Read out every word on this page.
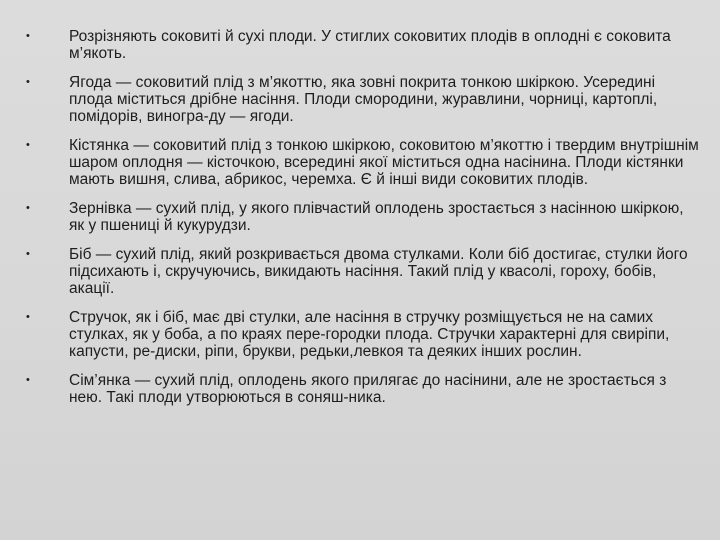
•	Розрізняють соковиті й сухі плоди. У стиглих соковитих плодів в оплодні є соковита м’якоть.
•	Ягода — соковитий плід з м’якоттю, яка зовні покрита тонкою шкіркою. Усередині плода міститься дрібне насіння. Плоди смородини, журавлини, чорниці, картоплі, помідорів, виногра-ду — ягоди.
•	Кістянка — соковитий плід з тонкою шкіркою, соковитою м’якоттю і твердим внутрішнім шаром оплодня — кісточкою, всередині якої міститься одна насінина. Плоди кістянки мають вишня, слива, абрикос, черемха. Є й інші види соковитих плодів.
•	Зернівка — сухий плід, у якого плівчастий оплодень зростається з насінною шкіркою, як у пшениці й кукурудзи.
•	Біб — сухий плід, який розкривається двома стулками. Коли біб достигає, стулки його підсихають і, скручуючись, викидають насіння. Такий плід у квасолі, гороху, бобів, акації.
•	Стручок, як і біб, має дві стулки, але насіння в стручку розміщується не на самих стулках, як у боба, а по краях пере-городки плода. Стручки характерні для свиріпи, капусти, ре-диски, ріпи, брукви, редьки,левкоя та деяких інших рослин.
•	Сім’янка — сухий плід, оплодень якого прилягає до насінини, але не зростається з нею. Такі плоди утворюються в соняш-ника.
